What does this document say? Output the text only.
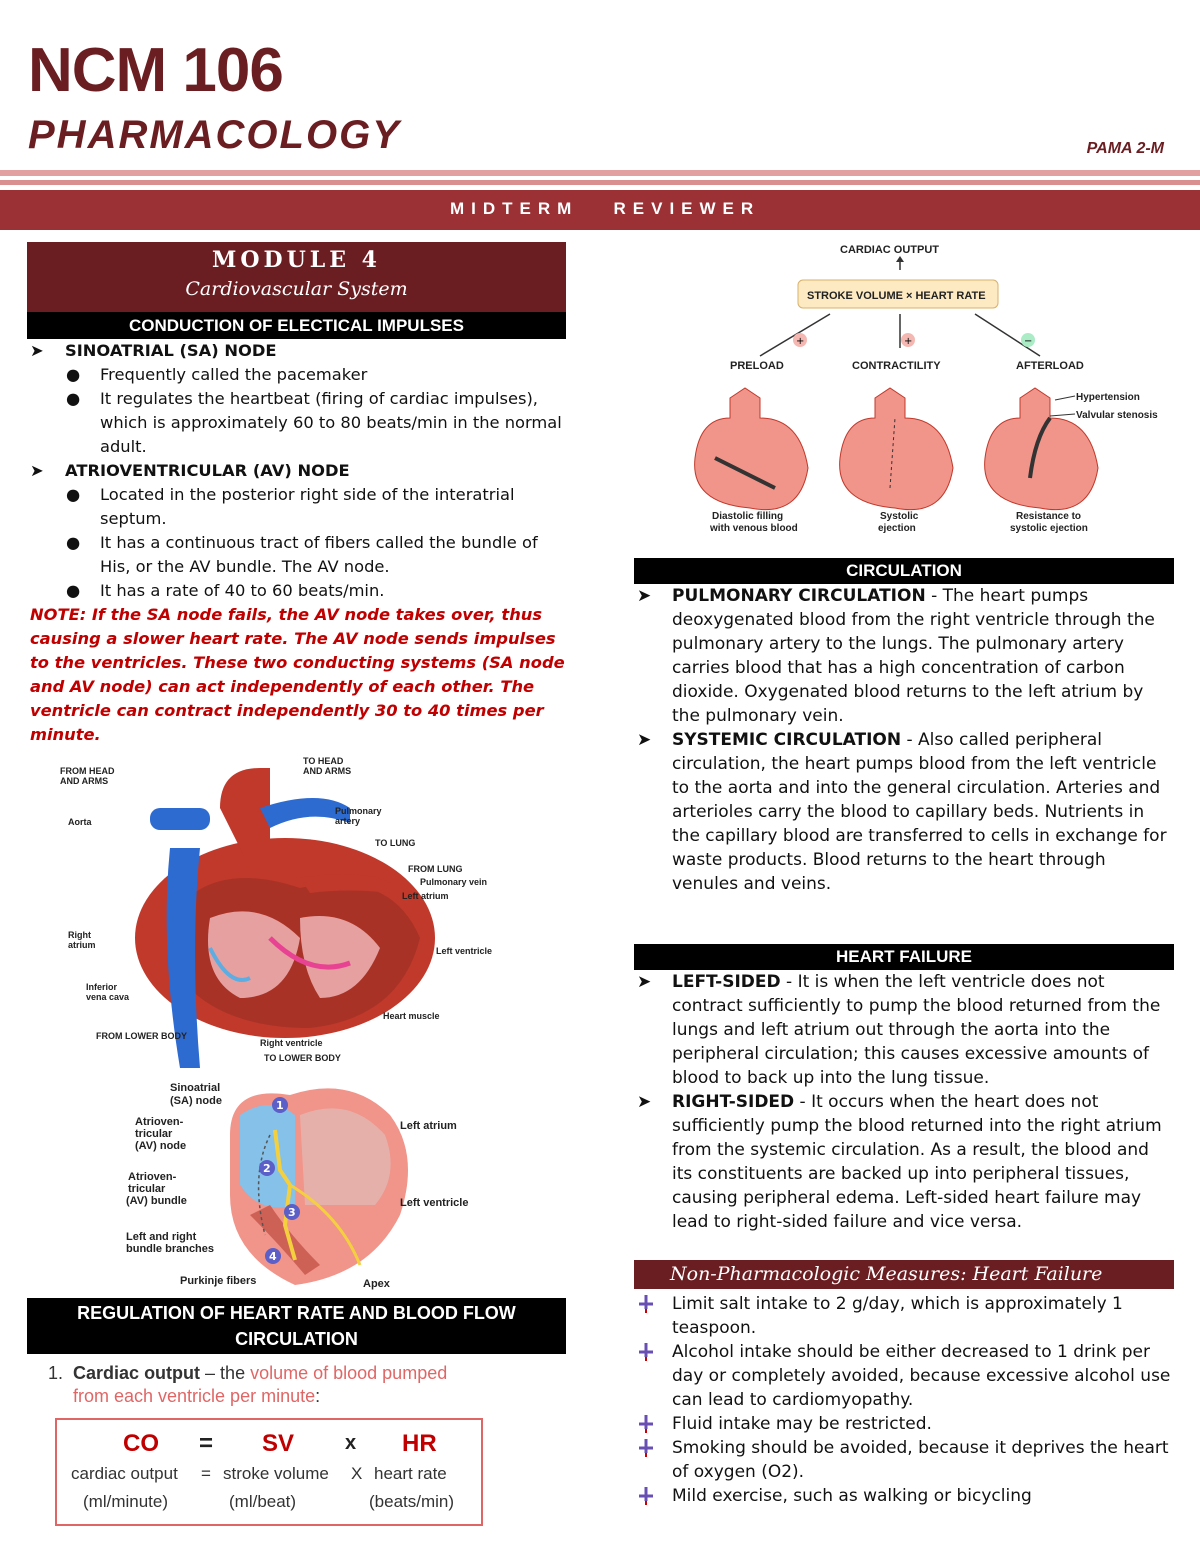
NCM 106
PHARMACOLOGY	PAMA 2-M
MIDTERM   REVIEWER
MODULE 4
Cardiovascular System
CONDUCTION OF ELECTICAL IMPULSES
➤ SINOATRIAL (SA) NODE
● Frequently called the pacemaker
● It regulates the heartbeat (firing of cardiac impulses), which is approximately 60 to 80 beats/min in the normal adult.
➤ ATRIOVENTRICULAR (AV) NODE
● Located in the posterior right side of the interatrial septum.
● It has a continuous tract of fibers called the bundle of His, or the AV bundle. The AV node.
● It has a rate of 40 to 60 beats/min.
NOTE: If the SA node fails, the AV node takes over, thus causing a slower heart rate. The AV node sends impulses to the ventricles. These two conducting systems (SA node and AV node) can act independently of each other. The ventricle can contract independently 30 to 40 times per minute.
FROM HEAD
AND ARMS
Aorta
TO HEAD
AND ARMS
Pulmonary
artery
TO LUNG
FROM LUNG
Pulmonary vein
Left atrium
Right
atrium
Left ventricle
Inferior
vena cava
Heart muscle
FROM LOWER BODY
Right ventricle
TO LOWER BODY
1
2
3
4
Sinoatrial
(SA) node
Atrioven-
tricular
(AV) node
Atrioven-
tricular
(AV) bundle
Left and right
bundle branches
Purkinje fibers
Left atrium
Left ventricle
Apex
REGULATION OF HEART RATE AND BLOOD FLOW
CIRCULATION
1. Cardiac output – the volume of blood pumped
from each ventricle per minute:
CO = SV	x HR
cardiac output = stroke volume X heart rate
(ml/minute)	(ml/beat)	(beats/min)
CARDIAC OUTPUT
STROKE VOLUME × HEART RATE
+	+	−
PRELOAD	CONTRACTILITY	AFTERLOAD
Hypertension
Valvular stenosis
Diastolic filling
with venous blood
Systolic
ejection
Resistance to
systolic ejection
CIRCULATION
➤ PULMONARY CIRCULATION - The heart pumps deoxygenated blood from the right ventricle through the pulmonary artery to the lungs. The pulmonary artery carries blood that has a high concentration of carbon dioxide. Oxygenated blood returns to the left atrium by the pulmonary vein.
➤ SYSTEMIC CIRCULATION - Also called peripheral circulation, the heart pumps blood from the left ventricle to the aorta and into the general circulation. Arteries and arterioles carry the blood to capillary beds. Nutrients in the capillary blood are transferred to cells in exchange for waste products. Blood returns to the heart through venules and veins.
HEART FAILURE
➤ LEFT-SIDED - It is when the left ventricle does not contract sufficiently to pump the blood returned from the lungs and left atrium out through the aorta into the peripheral circulation; this causes excessive amounts of blood to back up into the lung tissue.
➤ RIGHT-SIDED - It occurs when the heart does not sufficiently pump the blood returned into the right atrium from the systemic circulation. As a result, the blood and its constituents are backed up into peripheral tissues, causing peripheral edema. Left-sided heart failure may lead to right-sided failure and vice versa.
Non-Pharmacologic Measures: Heart Failure
Limit salt intake to 2 g/day, which is approximately 1 teaspoon.
Alcohol intake should be either decreased to 1 drink per day or completely avoided, because excessive alcohol use can lead to cardiomyopathy.
Fluid intake may be restricted.
Smoking should be avoided, because it deprives the heart of oxygen (O2).
Mild exercise, such as walking or bicycling
